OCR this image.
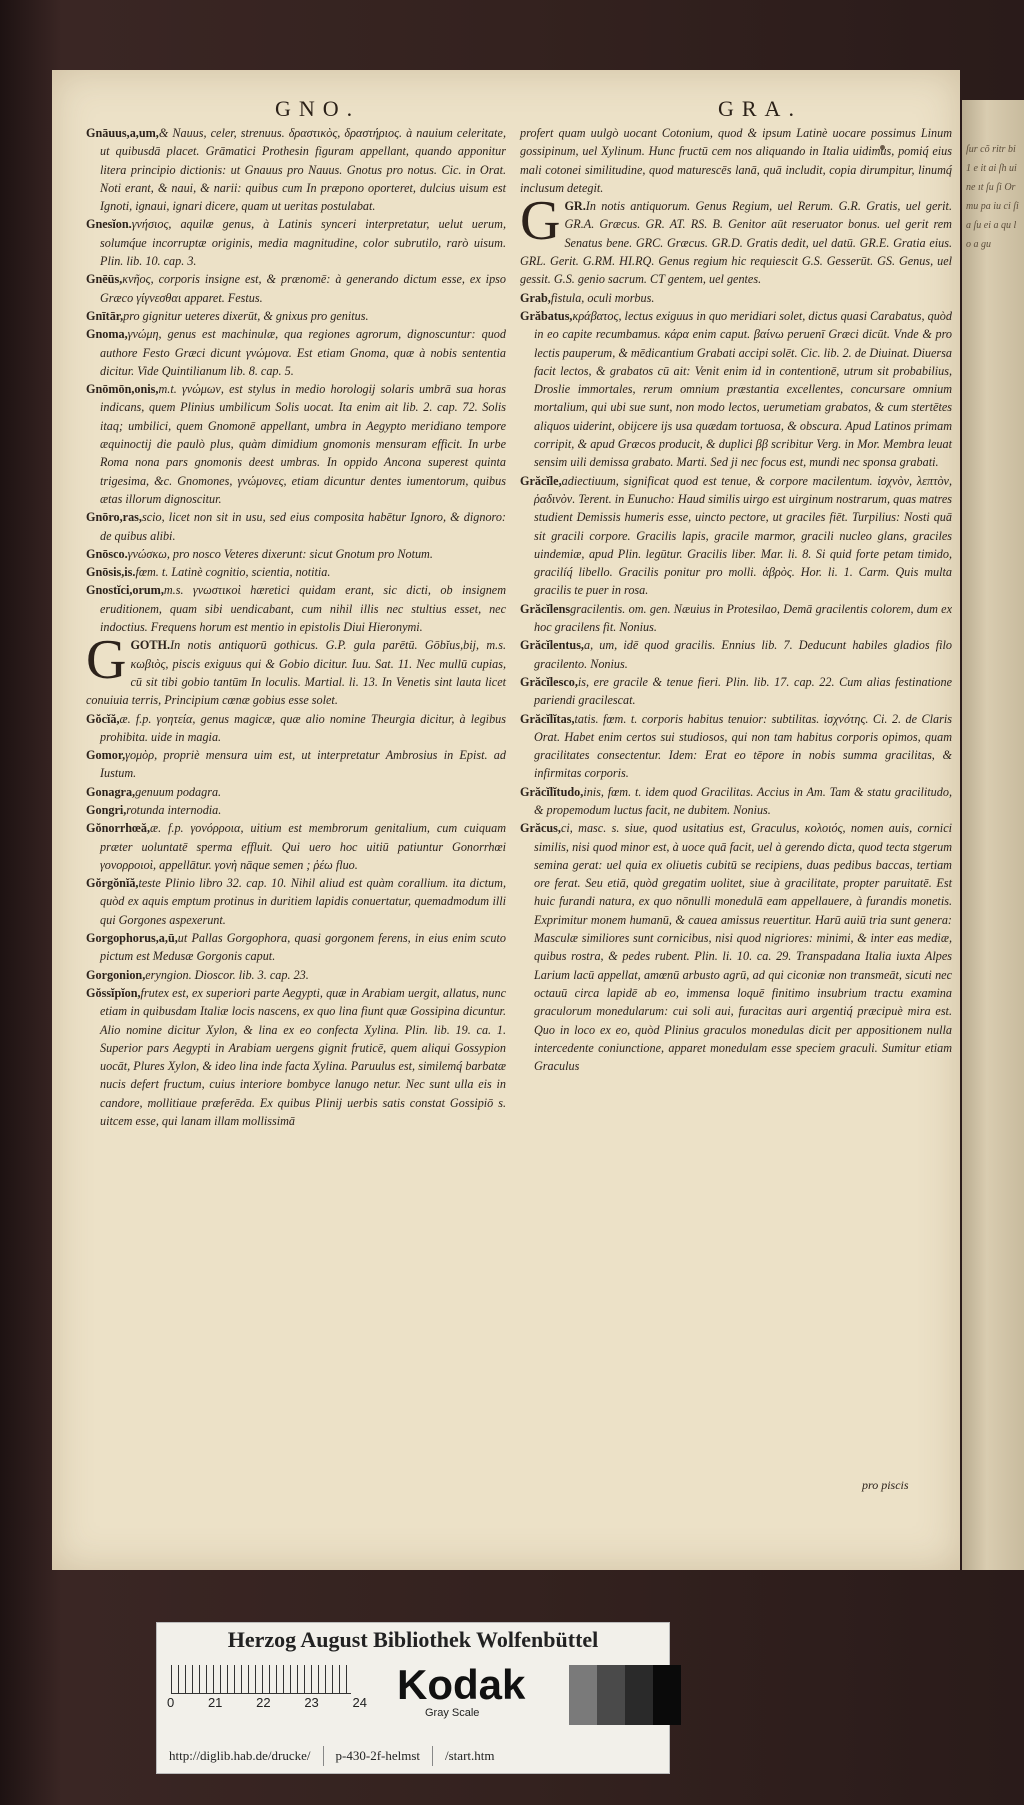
ſur cõ ritr bi 1 e it ai ſh ui ne ıt ſu ſi Or mu pa iu ci ſi a ſu ei a qu lo a gu
GNO.	GRA.

Gnāuus,a,um,& Nauus, celer, strenuus. δραστικὸς, δραστήριος. à nauium celeritate, ut quibusdā placet. Grāmatici Prothesin figuram appellant, quando apponitur litera principio dictionis: ut Gnauus pro Nauus. Gnotus pro notus. Cic. in Orat. Noti erant, & naui, & narii: quibus cum In præpono oporteret, dulcius uisum est Ignoti, ignaui, ignari dicere, quam ut ueritas postulabat.

Gnesĭon.γνήσιος, aquilæ genus, à Latinis synceri interpretatur, uelut uerum, solumq́ue incorruptæ originis, media magnitudine, color subrutilo, rarò uisum. Plin. lib. 10. cap. 3.

Gnēūs,κνῆος, corporis insigne est, & prænomē: à generando dictum esse, ex ipso Græco γίγνεσθαι apparet. Festus.

Gnītār,pro gignitur ueteres dixerūt, & gnixus pro genitus.

Gnoma,γνώμη, genus est machinulæ, qua regiones agrorum, dignoscuntur: quod authore Festo Græci dicunt γνώμονα. Est etiam Gnoma, quæ à nobis sententia dicitur. Vide Quintilianum lib. 8. cap. 5.

Gnōmōn,onis,m.t. γνώμων, est stylus in medio horologij solaris umbrā sua horas indicans, quem Plinius umbilicum Solis uocat. Ita enim ait lib. 2. cap. 72. Solis itaq; umbilici, quem Gnomonē appellant, umbra in Aegypto meridiano tempore æquinoctij die paulò plus, quàm dimidium gnomonis mensuram efficit. In urbe Roma nona pars gnomonis deest umbras. In oppido Ancona superest quinta trigesima, &c. Gnomones, γνώμονες, etiam dicuntur dentes iumentorum, quibus ætas illorum dignoscitur.

Gnōro,ras,scio, licet non sit in usu, sed eius composita habētur Ignoro, & dignoro: de quibus alibi.

Gnōsco.γνώσκω, pro nosco Veteres dixerunt: sicut Gnotum pro Notum.

Gnōsis,is.fœm. t. Latinè cognitio, scientia, notitia.

Gnostĭci,orum,m.s. γνωστικοὶ hæretici quidam erant, sic dicti, ob insignem eruditionem, quam sibi uendicabant, cum nihil illis nec stultius esset, nec indoctius. Frequens horum est mentio in epistolis Diui Hieronymi.

GGOTH.In notis antiquorū gothicus. G.P. gula parētū. Gōbĭus,bij, m.s. κωβιὸς, piscis exiguus qui & Gobio dicitur. Iuu. Sat. 11. Nec mullū cupias, cū sit tibi gobio tantūm In loculis. Martial. li. 13. In Venetis sint lauta licet conuiuia terris, Principium cœnæ gobius esse solet.

Gŏcĭă,æ. f.p. γοητεία, genus magicæ, quæ alio nomine Theurgia dicitur, à legibus prohibita. uide in magia.

Gomor,γομὸρ, propriè mensura uim est, ut interpretatur Ambrosius in Epist. ad Iustum.

Gonagra,genuum podagra.

Gongri,rotunda internodia.

Gŏnorrhœă,æ. f.p. γονόρροια, uitium est membrorum genitalium, cum cuiquam præter uoluntatē sperma effluit. Qui uero hoc uitiū patiuntur Gonorrhœi γονορροιοὶ, appellātur. γονὴ nāque semen ; ῥέω fluo.

Gŏrgŏnĭă,teste Plinio libro 32. cap. 10. Nihil aliud est quàm corallium. ita dictum, quòd ex aquis emptum protinus in duritiem lapidis conuertatur, quemadmodum illi qui Gorgones aspexerunt.

Gorgophorus,a,ū,ut Pallas Gorgophora, quasi gorgonem ferens, in eius enim scuto pictum est Medusæ Gorgonis caput.

Gorgonion,eryngion. Dioscor. lib. 3. cap. 23.

Gŏssĭpĭon,frutex est, ex superiori parte Aegypti, quæ in Arabiam uergit, allatus, nunc etiam in quibusdam Italiæ locis nascens, ex quo lina fiunt quæ Gossipina dicuntur. Alio nomine dicitur Xylon, & lina ex eo confecta Xylina. Plin. lib. 19. ca. 1. Superior pars Aegypti in Arabiam uergens gignit fruticē, quem aliqui Gossypion uocāt, Plures Xylon, & ideo lina inde facta Xylina. Paruulus est, similemq́ barbatæ nucis defert fructum, cuius interiore bombyce lanugo netur. Nec sunt ulla eis in candore, mollitiaue præferēda. Ex quibus Plinij uerbis satis constat Gossipiō s. uitcem esse, qui lanam illam mollissimā

profert quam uulgò uocant Cotonium, quod & ipsum Latinè uocare possimus Linum gossipinum, uel Xylinum. Hunc fructū cem nos aliquando in Italia uidimus, pomiq́ eius mali cotonei similitudine, quod maturescēs lanā, quā includit, copia dirumpitur, linumq́ inclusum detegit.

GGR.In notis antiquorum. Genus Regium, uel Rerum. G.R. Gratis, uel gerit. GR.A. Græcus. GR. AT. RS. B. Genitor aūt reseruator bonus. uel gerit rem Senatus bene. GRC. Græcus. GR.D. Gratis dedit, uel datū. GR.E. Gratia eius. GRL. Gerit. G.RM. HI.RQ. Genus regium hic requiescit G.S. Gesserūt. GS. Genus, uel gessit. G.S. genio sacrum. CT gentem, uel gentes.

Grab,fistula, oculi morbus.

Grăbatus,κράβατος, lectus exiguus in quo meridiari solet, dictus quasi Carabatus, quòd in eo capite recumbamus. κάρα enim caput. βαίνω peruenī Græci dicūt. Vnde & pro lectis pauperum, & mēdicantium Grabati accipi solēt. Cic. lib. 2. de Diuinat. Diuersa facit lectos, & grabatos cū ait: Venit enim id in contentionē, utrum sit probabilius, Droslie immortales, rerum omnium præstantia excellentes, concursare omnium mortalium, qui ubi sue sunt, non modo lectos, uerumetiam grabatos, & cum stertētes aliquos uiderint, obijcere ijs usa quædam tortuosa, & obscura. Apud Latinos primam corripit, & apud Græcos producit, & duplici ββ scribitur Verg. in Mor. Membra leuat sensim uili demissa grabato. Marti. Sed ji nec focus est, mundi nec sponsa grabati.

Grăcĭle,adiectiuum, significat quod est tenue, & corpore macilentum. ἰσχνὸν, λεπτὸν, ῥαδινὸν. Terent. in Eunucho: Haud similis uirgo est uirginum nostrarum, quas matres studient Demissis humeris esse, uincto pectore, ut graciles fiēt. Turpilius: Nosti quā sit gracili corpore. Gracilis lapis, gracile marmor, gracili nucleo glans, graciles uindemiæ, apud Plin. legūtur. Gracilis liber. Mar. li. 8. Si quid forte petam timido, gracilíq́ libello. Gracilis ponitur pro molli. ἁβρὸς. Hor. li. 1. Carm. Quis multa gracilis te puer in rosa.

Grăcĭlensgracilentis. om. gen. Næuius in Protesilao, Demā gracilentis colorem, dum ex hoc gracilens fit. Nonius.

Grăcĭlentus,a, um, idē quod gracilis. Ennius lib. 7. Deducunt habiles gladios filo gracilento. Nonius.

Grăcĭlesco,is, ere gracile & tenue fieri. Plin. lib. 17. cap. 22. Cum alias festinatione pariendi gracilescat.

Grăcĭlĭtas,tatis. fœm. t. corporis habitus tenuior: subtilitas. ἰσχνότης. Ci. 2. de Claris Orat. Habet enim certos sui studiosos, qui non tam habitus corporis opimos, quam gracilitates consectentur. Idem: Erat eo tēpore in nobis summa gracilitas, & infirmitas corporis.

Grăcĭlĭtudo,inis, fœm. t. idem quod Gracilitas. Accius in Am. Tam & statu gracilitudo, & propemodum luctus facit, ne dubitem. Nonius.

Grăcus,ci, masc. s. siue, quod usitatius est, Graculus, κολοιός, nomen auis, cornici similis, nisi quod minor est, à uoce quā facit, uel à gerendo dicta, quod tecta stgerum semina gerat: uel quia ex oliuetis cubitū se recipiens, duas pedibus baccas, tertiam ore ferat. Seu etiā, quòd gregatim uolitet, siue à gracilitate, propter paruitatē. Est huic furandi natura, ex quo nōnulli monedulā eam appellauere, à furandis monetis. Exprimitur monem humanū, & cauea amissus reuertitur. Harū auiū tria sunt genera: Masculæ similiores sunt cornicibus, nisi quod nigriores: minimi, & inter eas mediæ, quibus rostra, & pedes rubent. Plin. li. 10. ca. 29. Transpadana Italia iuxta Alpes Larium lacū appellat, amœnū arbusto agrū, ad qui ciconiæ non transmeāt, sicuti nec octauū circa lapidē ab eo, immensa loquē finitimo insubrium tractu examina graculorum monedularum: cui soli aui, furacitas auri argentiq́ præcipuè mira est. Quo in loco ex eo, quòd Plinius graculos monedulas dicit per appositionem nulla intercedente coniunctione, apparet monedulam esse speciem graculi. Sumitur etiam Graculus

pro piscis
Herzog August Bibliothek Wolfenbüttel
0	21	22	23	24 Kodak
Gray Scale
http://diglib.hab.de/drucke/	p-430-2f-helmst	/start.htm
